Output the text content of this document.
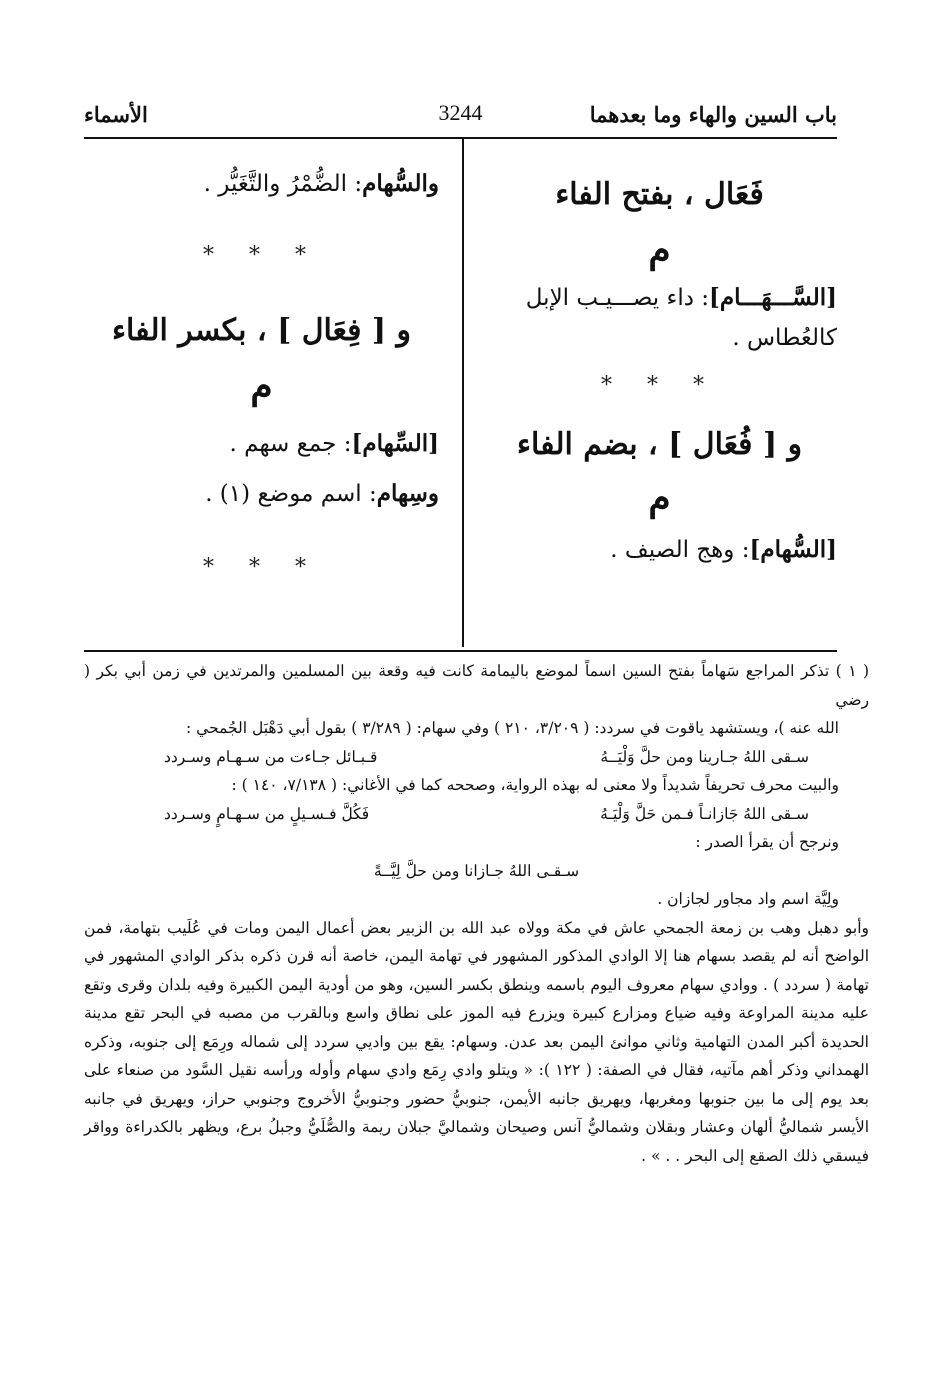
باب السين والهاء وما بعدهما
3244
الأسماء
فَعَال ، بفتح الفاء
م

[السَّـــهَـــام]: داء يصـــيـب الإبل

كالعُطاس .

* * *
و [ فُعَال ] ، بضم الفاء
م

[السُّهام]: وهج الصيف .

والسُّهام: الضُّمْرُ والتَّغَيُّر .

* * *
و [ فِعَال ] ، بكسر الفاء
م

[السِّهام]: جمع سهم .

وسِهام: اسم موضع (١) .

* * *

( ١ ) تذكر المراجع سَهاماً بفتح السين اسماً لموضع باليمامة كانت فيه وقعة بين المسلمين والمرتدين في زمن أبي بكر ( رضي

الله عنه )، ويستشهد ياقوت في سردد: ( ٣/٢٠٩، ٢١٠ ) وفي سهام: ( ٣/٢٨٩ ) بقول أبي دَهْبَل الجُمحي :

سـقى اللهُ جـارينا ومن حلَّ وَلْيَــهُ
قـبـائل جـاءت من سـهـام وسـردد

والبيت محرف تحريفاً شديداً ولا معنى له بهذه الرواية، وصححه كما في الأغاني: ( ٧/١٣٨، ١٤٠ ) :

سـقى اللهُ جَازانـاً فـمن حَلَّ وَلْيَـهُ
فَكُلَّ فـسـيلٍ من سـهـامٍ وسـردد

ونرجح أن يقرأ الصدر :

سـقـى اللهُ جـازانا ومن حلَّ لِيَّــةً

ولِيَّة اسم واد مجاور لجازان .

وأبو دهبل وهب بن زمعة الجمحي عاش في مكة وولاه عبد الله بن الزبير بعض أعمال اليمن ومات في عُلَيب بتهامة، فمن الواضح أنه لم يقصد بسهام هنا إلا الوادي المذكور المشهور في تهامة اليمن، خاصة أنه قرن ذكره بذكر الوادي المشهور في تهامة ( سردد ) . ووادي سهام معروف اليوم باسمه وينطق بكسر السين، وهو من أودية اليمن الكبيرة وفيه بلدان وقرى وتقع عليه مدينة المراوعة وفيه ضياع ومزارع كبيرة ويزرع فيه الموز على نطاق واسع وبالقرب من مصبه في البحر تقع مدينة الحديدة أكبر المدن التهامية وثاني موانئ اليمن بعد عدن. وسهام: يقع بين واديي سردد إلى شماله ورِمَع إلى جنوبه، وذكره الهمداني وذكر أهم مآتيه، فقال في الصفة: ( ١٢٢ ): « ويتلو وادي رِمَع وادي سهام وأوله ورأسه نقيل السَّود من صنعاء على بعد يوم إلى ما بين جنوبها ومغربها، ويهريق جانبه الأيمن، جنوبيُّ حضور وجنوبيُّ الأخروج وجنوبي حراز، ويهريق في جانبه الأيسر شماليُّ ألهان وعشار وبقلان وشماليُّ آنس وصيحان وشماليَّ جبلان ريمة والصُّلَيُّ وجبلُ برع، ويظهر بالكدراءة وواقر فيسقي ذلك الصقع إلى البحر . . » .
